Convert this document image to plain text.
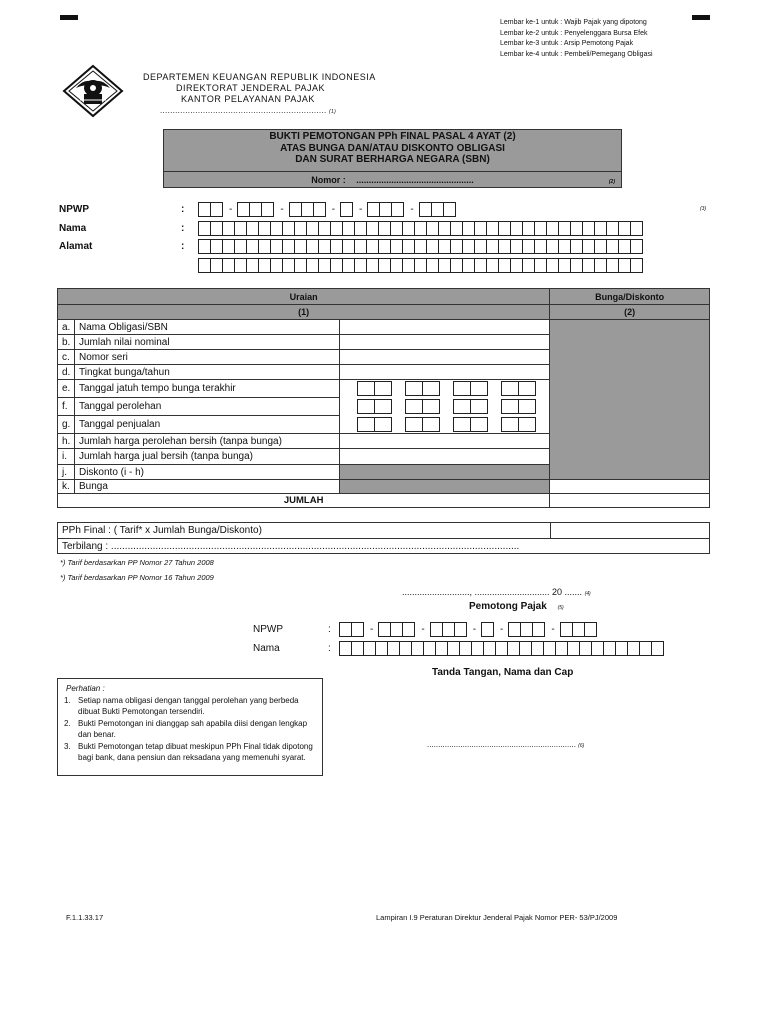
Lembar ke-1 untuk : Wajib Pajak yang dipotong
Lembar ke-2 untuk : Penyelenggara Bursa Efek
Lembar ke-3 untuk : Arsip Pemotong Pajak
Lembar ke-4 untuk : Pembeli/Pemegang Obligasi
DEPARTEMEN KEUANGAN REPUBLIK INDONESIA
DIREKTORAT JENDERAL PAJAK
KANTOR PELAYANAN PAJAK
.................................................................. (1)
BUKTI PEMOTONGAN PPh FINAL PASAL 4 AYAT (2)
ATAS BUNGA DAN/ATAU DISKONTO OBLIGASI
DAN SURAT BERHARGA NEGARA (SBN)
Nomor : ...............................................	(2)
NPWP	:	-	-	-	-	-	(3)
Nama	:
Alamat	:
Uraian			Bunga/Diskonto
(1)			(2)
a.	Nama Obligasi/SBN		
b.	Jumlah nilai nominal		
c.	Nomor seri		
d.	Tingkat bunga/tahun		
e.	Tanggal jatuh tempo bunga terakhir		

f.	Tanggal perolehan		

g.	Tanggal penjualan		

h.	Jumlah harga perolehan bersih (tanpa bunga)		
i.	Jumlah harga jual bersih (tanpa bunga)		
j.	Diskonto (i - h)		
k.	Bunga		
JUMLAH			
PPh Final : ( Tarif* x Jumlah Bunga/Diskonto)
Terbilang : ...................................................................................................................................................
*) Tarif berdasarkan PP Nomor 27 Tahun 2008
*) Tarif berdasarkan PP Nomor 16 Tahun 2009
..........................., .............................. 20 ....... (4)
Pemotong Pajak (5)
NPWP	:	-	-	-	-	-
Nama	:
Tanda Tangan, Nama dan Cap
Perhatian :
1. Setiap nama obligasi dengan tanggal perolehan yang berbeda dibuat Bukti Pemotongan tersendiri.
2. Bukti Pemotongan ini dianggap sah apabila diisi dengan lengkap dan benar.
3. Bukti Pemotongan tetap dibuat meskipun PPh Final tidak dipotong bagi bank, dana pensiun dan reksadana yang memenuhi syarat.
................................................................... (6)
F.1.1.33.17	Lampiran I.9 Peraturan Direktur Jenderal Pajak Nomor PER- 53/PJ/2009
